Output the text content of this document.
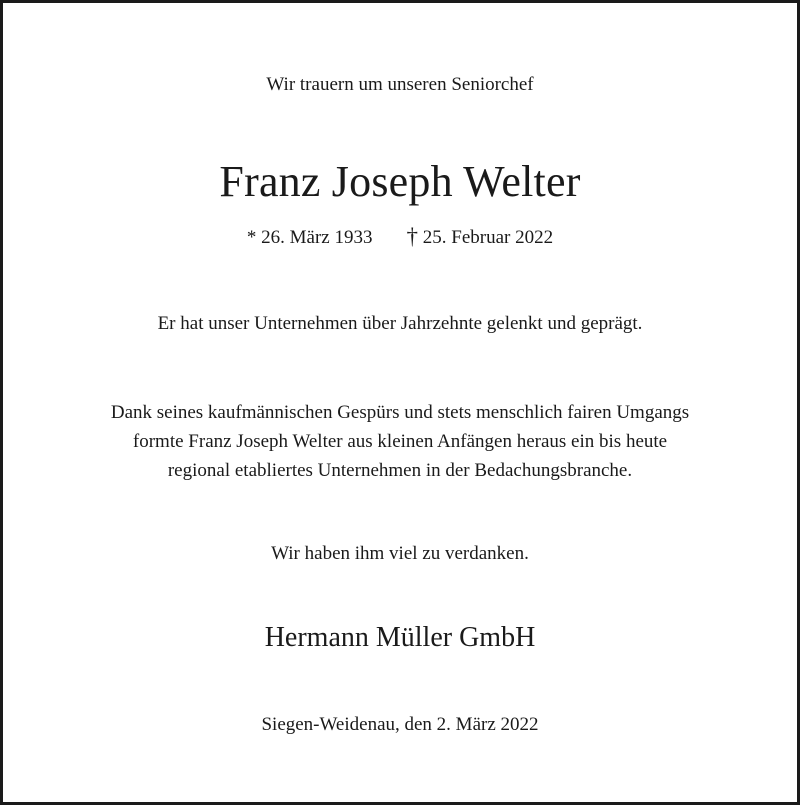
Wir trauern um unseren Seniorchef
Franz Joseph Welter
* 26. März 1933 † 25. Februar 2022
Er hat unser Unternehmen über Jahrzehnte gelenkt und geprägt.
Dank seines kaufmännischen Gespürs und stets menschlich fairen Umgangs
formte Franz Joseph Welter aus kleinen Anfängen heraus ein bis heute
regional etabliertes Unternehmen in der Bedachungsbranche.
Wir haben ihm viel zu verdanken.
Hermann Müller GmbH
Siegen-Weidenau, den 2. März 2022
